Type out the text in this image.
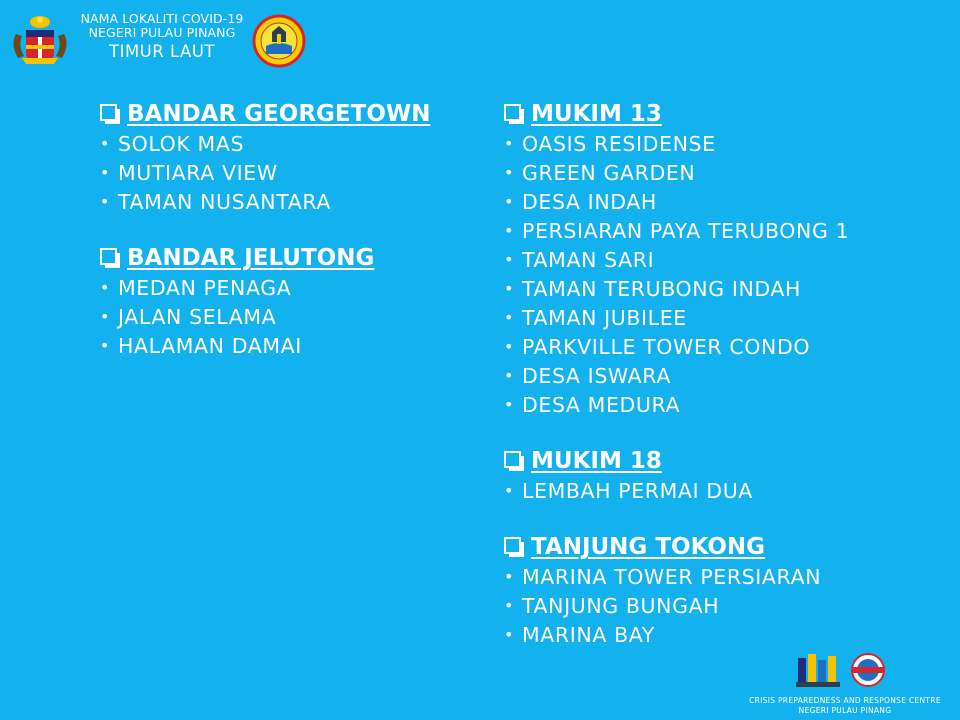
NAMA LOKALITI COVID-19
NEGERI PULAU PINANG
TIMUR LAUT
BANDAR GEORGETOWN
• SOLOK MAS
• MUTIARA VIEW
• TAMAN NUSANTARA
BANDAR JELUTONG
• MEDAN PENAGA
• JALAN SELAMA
• HALAMAN DAMAI
MUKIM 13
• OASIS RESIDENSE
• GREEN GARDEN
• DESA INDAH
• PERSIARAN PAYA TERUBONG 1
• TAMAN SARI
• TAMAN TERUBONG INDAH
• TAMAN JUBILEE
• PARKVILLE TOWER CONDO
• DESA ISWARA
• DESA MEDURA
MUKIM 18
• LEMBAH PERMAI DUA
TANJUNG TOKONG
• MARINA TOWER PERSIARAN
• TANJUNG BUNGAH
• MARINA BAY
CRISIS PREPAREDNESS AND RESPONSE CENTRE
NEGERI PULAU PINANG
